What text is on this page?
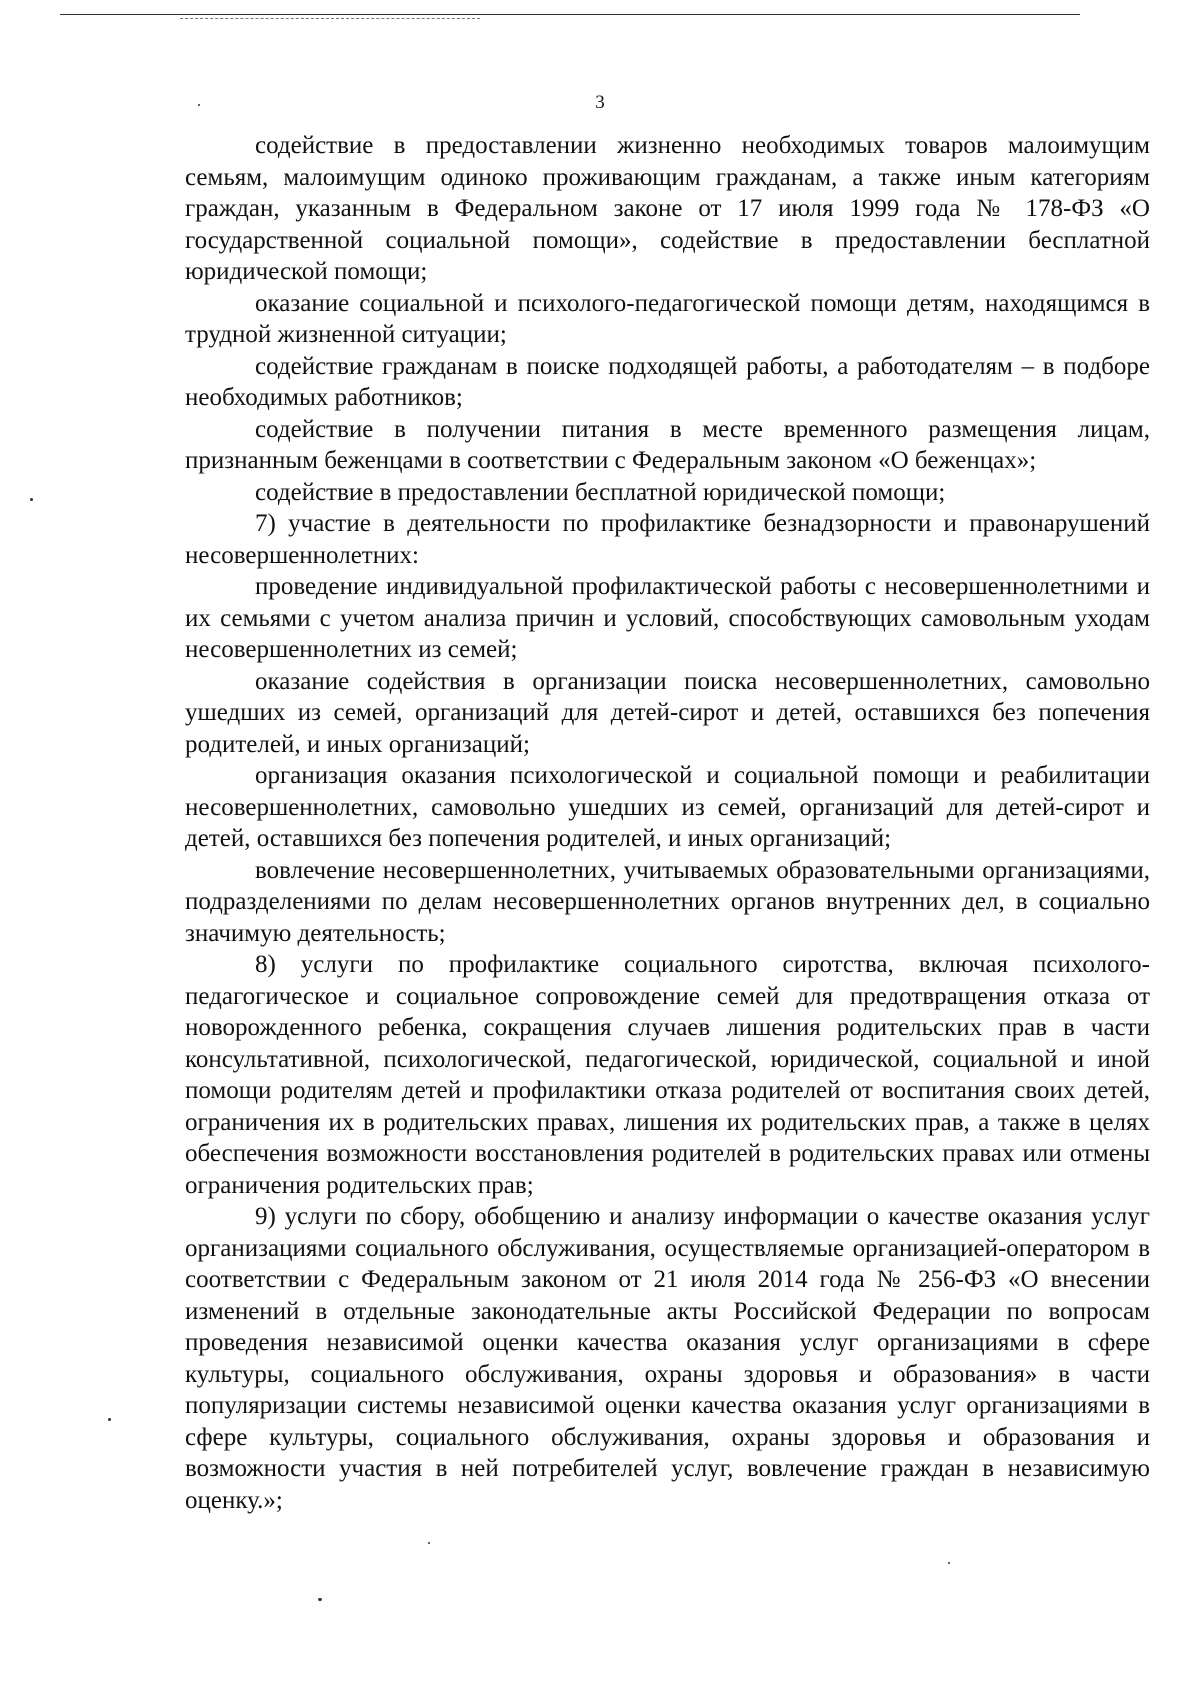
3

содействие в предоставлении жизненно необходимых товаров малоимущим семьям, малоимущим одиноко проживающим гражданам, а также иным категориям граждан, указанным в Федеральном законе от 17 июля 1999 года № 178-ФЗ «О государственной социальной помощи», содействие в предоставлении бесплатной юридической помощи;

оказание социальной и психолого-педагогической помощи детям, находящимся в трудной жизненной ситуации;

содействие гражданам в поиске подходящей работы, а работодателям – в подборе необходимых работников;

содействие в получении питания в месте временного размещения лицам, признанным беженцами в соответствии с Федеральным законом «О беженцах»;

содействие в предоставлении бесплатной юридической помощи;

7) участие в деятельности по профилактике безнадзорности и правонарушений несовершеннолетних:

проведение индивидуальной профилактической работы с несовершеннолетними и их семьями с учетом анализа причин и условий, способствующих самовольным уходам несовершеннолетних из семей;

оказание содействия в организации поиска несовершеннолетних, самовольно ушедших из семей, организаций для детей-сирот и детей, оставшихся без попечения родителей, и иных организаций;

организация оказания психологической и социальной помощи и реабилитации несовершеннолетних, самовольно ушедших из семей, организаций для детей-сирот и детей, оставшихся без попечения родителей, и иных организаций;

вовлечение несовершеннолетних, учитываемых образовательными организациями, подразделениями по делам несовершеннолетних органов внутренних дел, в социально значимую деятельность;

8) услуги по профилактике социального сиротства, включая психолого-педагогическое и социальное сопровождение семей для предотвращения отказа от новорожденного ребенка, сокращения случаев лишения родительских прав в части консультативной, психологической, педагогической, юридической, социальной и иной помощи родителям детей и профилактики отказа родителей от воспитания своих детей, ограничения их в родительских правах, лишения их родительских прав, а также в целях обеспечения возможности восстановления родителей в родительских правах или отмены ограничения родительских прав;

9) услуги по сбору, обобщению и анализу информации о качестве оказания услуг организациями социального обслуживания, осуществляемые организацией-оператором в соответствии с Федеральным законом от 21 июля 2014 года № 256-ФЗ «О внесении изменений в отдельные законодательные акты Российской Федерации по вопросам проведения независимой оценки качества оказания услуг организациями в сфере культуры, социального обслуживания, охраны здоровья и образования» в части популяризации системы независимой оценки качества оказания услуг организациями в сфере культуры, социального обслуживания, охраны здоровья и образования и возможности участия в ней потребителей услуг, вовлечение граждан в независимую оценку.»;
